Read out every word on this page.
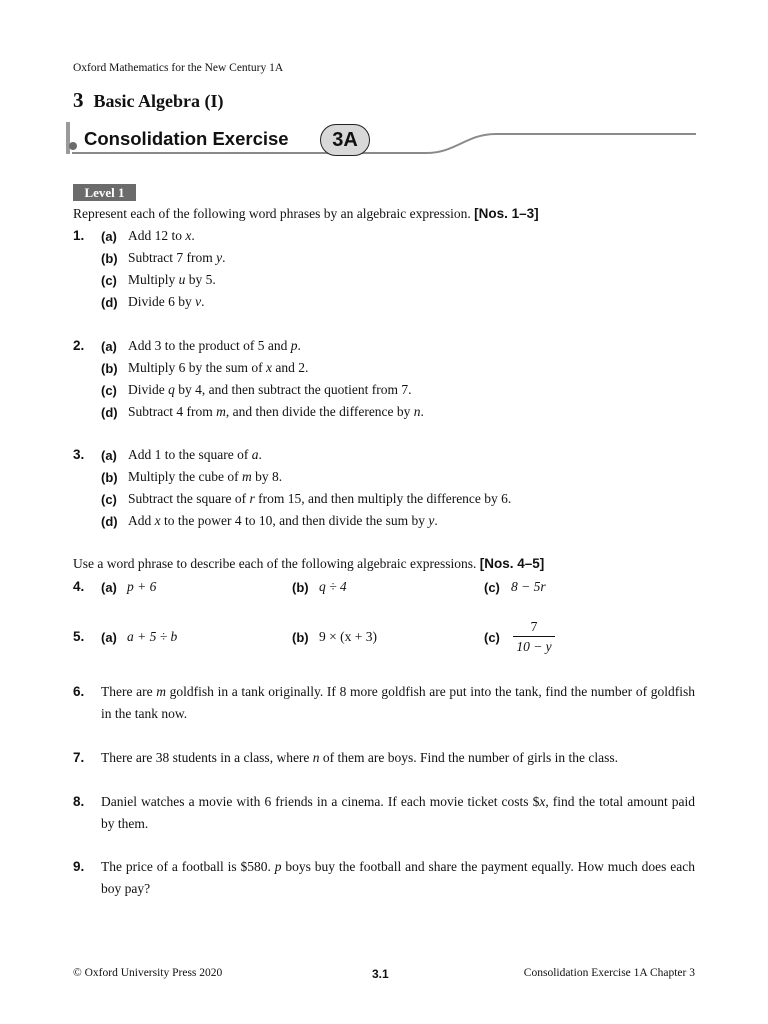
Oxford Mathematics for the New Century 1A
3 Basic Algebra (I)
Consolidation Exercise	3A
Level 1
Represent each of the following word phrases by an algebraic expression. [Nos. 1–3]
1. (a) Add 12 to x.
(b) Subtract 7 from y.
(c) Multiply u by 5.
(d) Divide 6 by v.
2. (a) Add 3 to the product of 5 and p.
(b) Multiply 6 by the sum of x and 2.
(c) Divide q by 4, and then subtract the quotient from 7.
(d) Subtract 4 from m, and then divide the difference by n.
3. (a) Add 1 to the square of a.
(b) Multiply the cube of m by 8.
(c) Subtract the square of r from 15, and then multiply the difference by 6.
(d) Add x to the power 4 to 10, and then divide the sum by y.
Use a word phrase to describe each of the following algebraic expressions. [Nos. 4–5]
4. (a) p + 6	(b) q ÷ 4	(c) 8 − 5r
5. (a) a + 5 ÷ b	(b) 9 × (x + 3)	(c)
7
10 − y
6. There are m goldfish in a tank originally. If 8 more goldfish are put into the tank, find the number of goldfish in the tank now.
7. There are 38 students in a class, where n of them are boys. Find the number of girls in the class.
8. Daniel watches a movie with 6 friends in a cinema. If each movie ticket costs $x, find the total amount paid by them.
9. The price of a football is $580. p boys buy the football and share the payment equally. How much does each boy pay?
© Oxford University Press 2020	3.1	Consolidation Exercise 1A Chapter 3
